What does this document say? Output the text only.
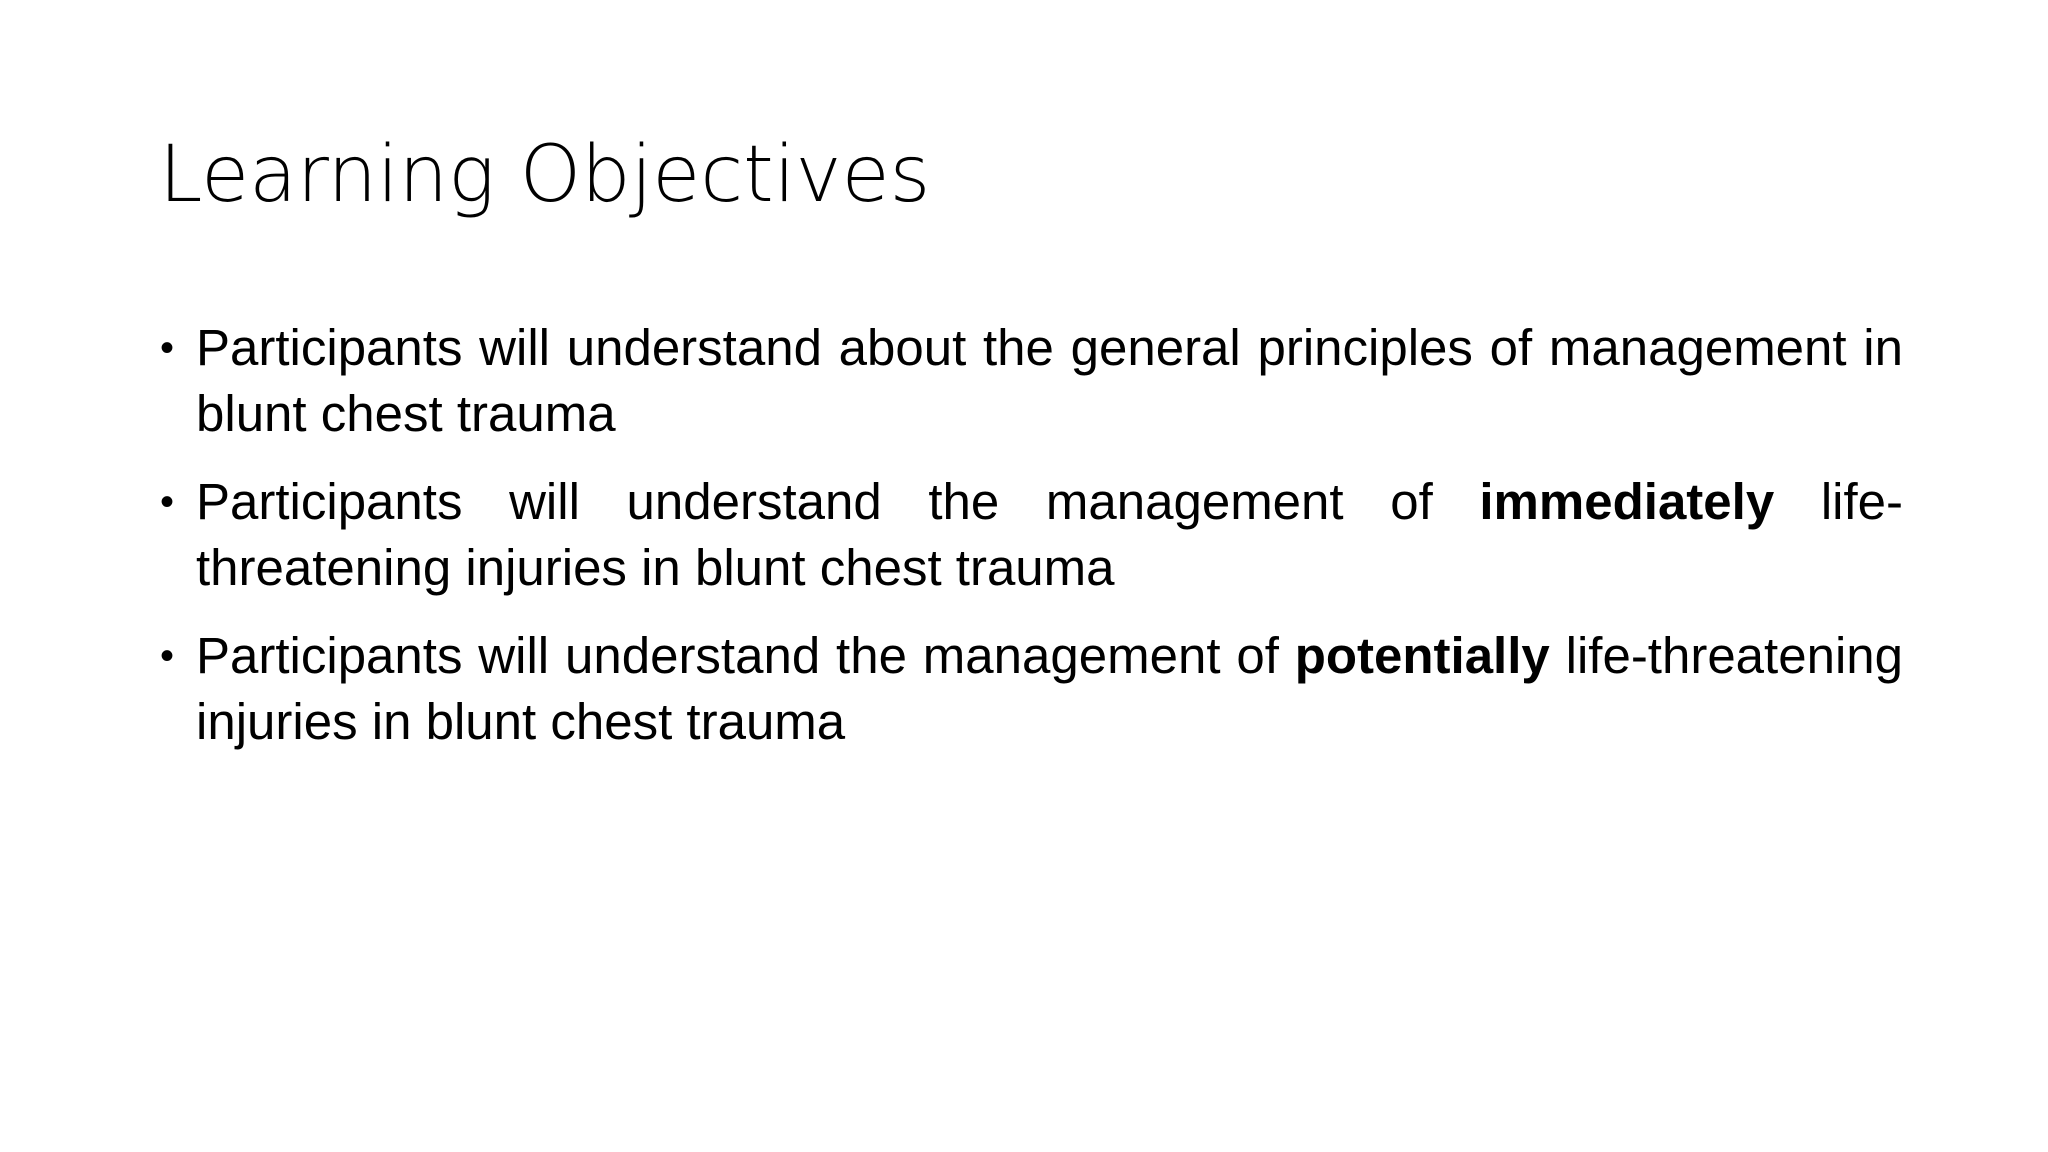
Learning Objectives
• Participants will understand about the general principles of management in blunt chest trauma
• Participants will understand the management of immediately life-threatening injuries in blunt chest trauma
• Participants will understand the management of potentially life-threatening injuries in blunt chest trauma
